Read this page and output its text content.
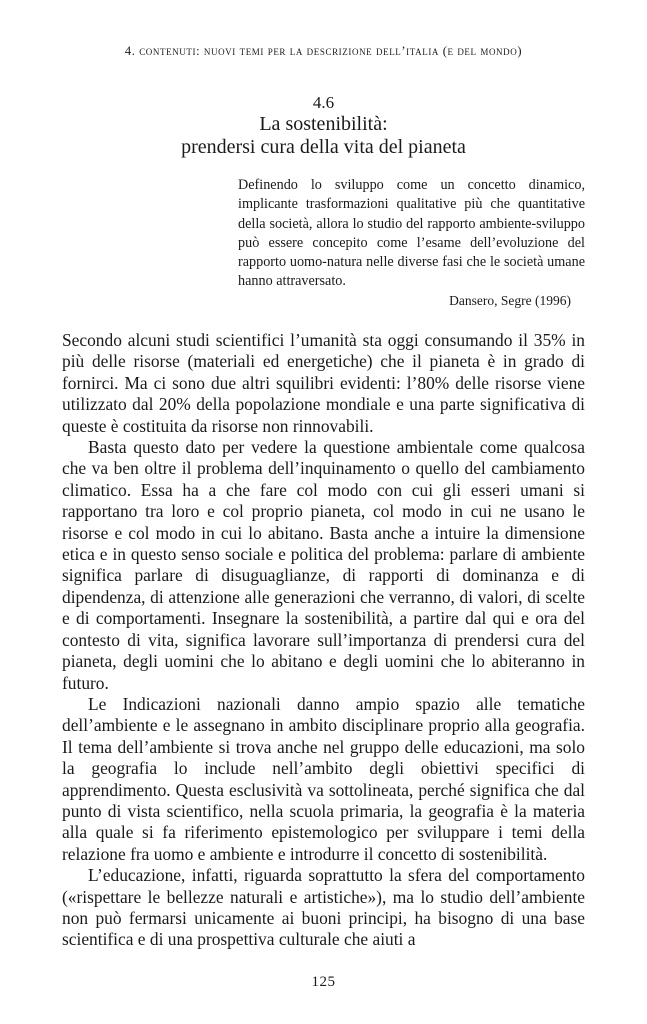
4. contenuti: nuovi temi per la descrizione dell’italia (e del mondo)
4.6
La sostenibilità:
prendersi cura della vita del pianeta
Definendo lo sviluppo come un concetto dinamico, implicante trasformazioni qualitative più che quantitative della società, allora lo studio del rapporto ambiente-sviluppo può essere concepito come l’esame dell’evoluzione del rapporto uomo-natura nelle diverse fasi che le società umane hanno attraversato.
Dansero, Segre (1996)

Secondo alcuni studi scientifici l’umanità sta oggi consumando il 35% in più delle risorse (materiali ed energetiche) che il pianeta è in grado di fornirci. Ma ci sono due altri squilibri evidenti: l’80% delle risorse viene utilizzato dal 20% della popolazione mondiale e una parte significativa di queste è costituita da risorse non rinnovabili.

Basta questo dato per vedere la questione ambientale come qualcosa che va ben oltre il problema dell’inquinamento o quello del cambiamento climatico. Essa ha a che fare col modo con cui gli esseri umani si rapportano tra loro e col proprio pianeta, col modo in cui ne usano le risorse e col modo in cui lo abitano. Basta anche a intuire la dimensione etica e in questo senso sociale e politica del problema: parlare di ambiente significa parlare di disuguaglianze, di rapporti di dominanza e di dipendenza, di attenzione alle generazioni che verranno, di valori, di scelte e di comportamenti. Insegnare la sostenibilità, a partire dal qui e ora del contesto di vita, significa lavorare sull’importanza di prendersi cura del pianeta, degli uomini che lo abitano e degli uomini che lo abiteranno in futuro.

Le Indicazioni nazionali danno ampio spazio alle tematiche dell’ambiente e le assegnano in ambito disciplinare proprio alla geografia. Il tema dell’ambiente si trova anche nel gruppo delle educazioni, ma solo la geografia lo include nell’ambito degli obiettivi specifici di apprendimento. Questa esclusività va sottolineata, perché significa che dal punto di vista scientifico, nella scuola primaria, la geografia è la materia alla quale si fa riferimento epistemologico per sviluppare i temi della relazione fra uomo e ambiente e introdurre il concetto di sostenibilità.

L’educazione, infatti, riguarda soprattutto la sfera del comportamento («rispettare le bellezze naturali e artistiche»), ma lo studio dell’ambiente non può fermarsi unicamente ai buoni principi, ha bisogno di una base scientifica e di una prospettiva culturale che aiuti a

125
